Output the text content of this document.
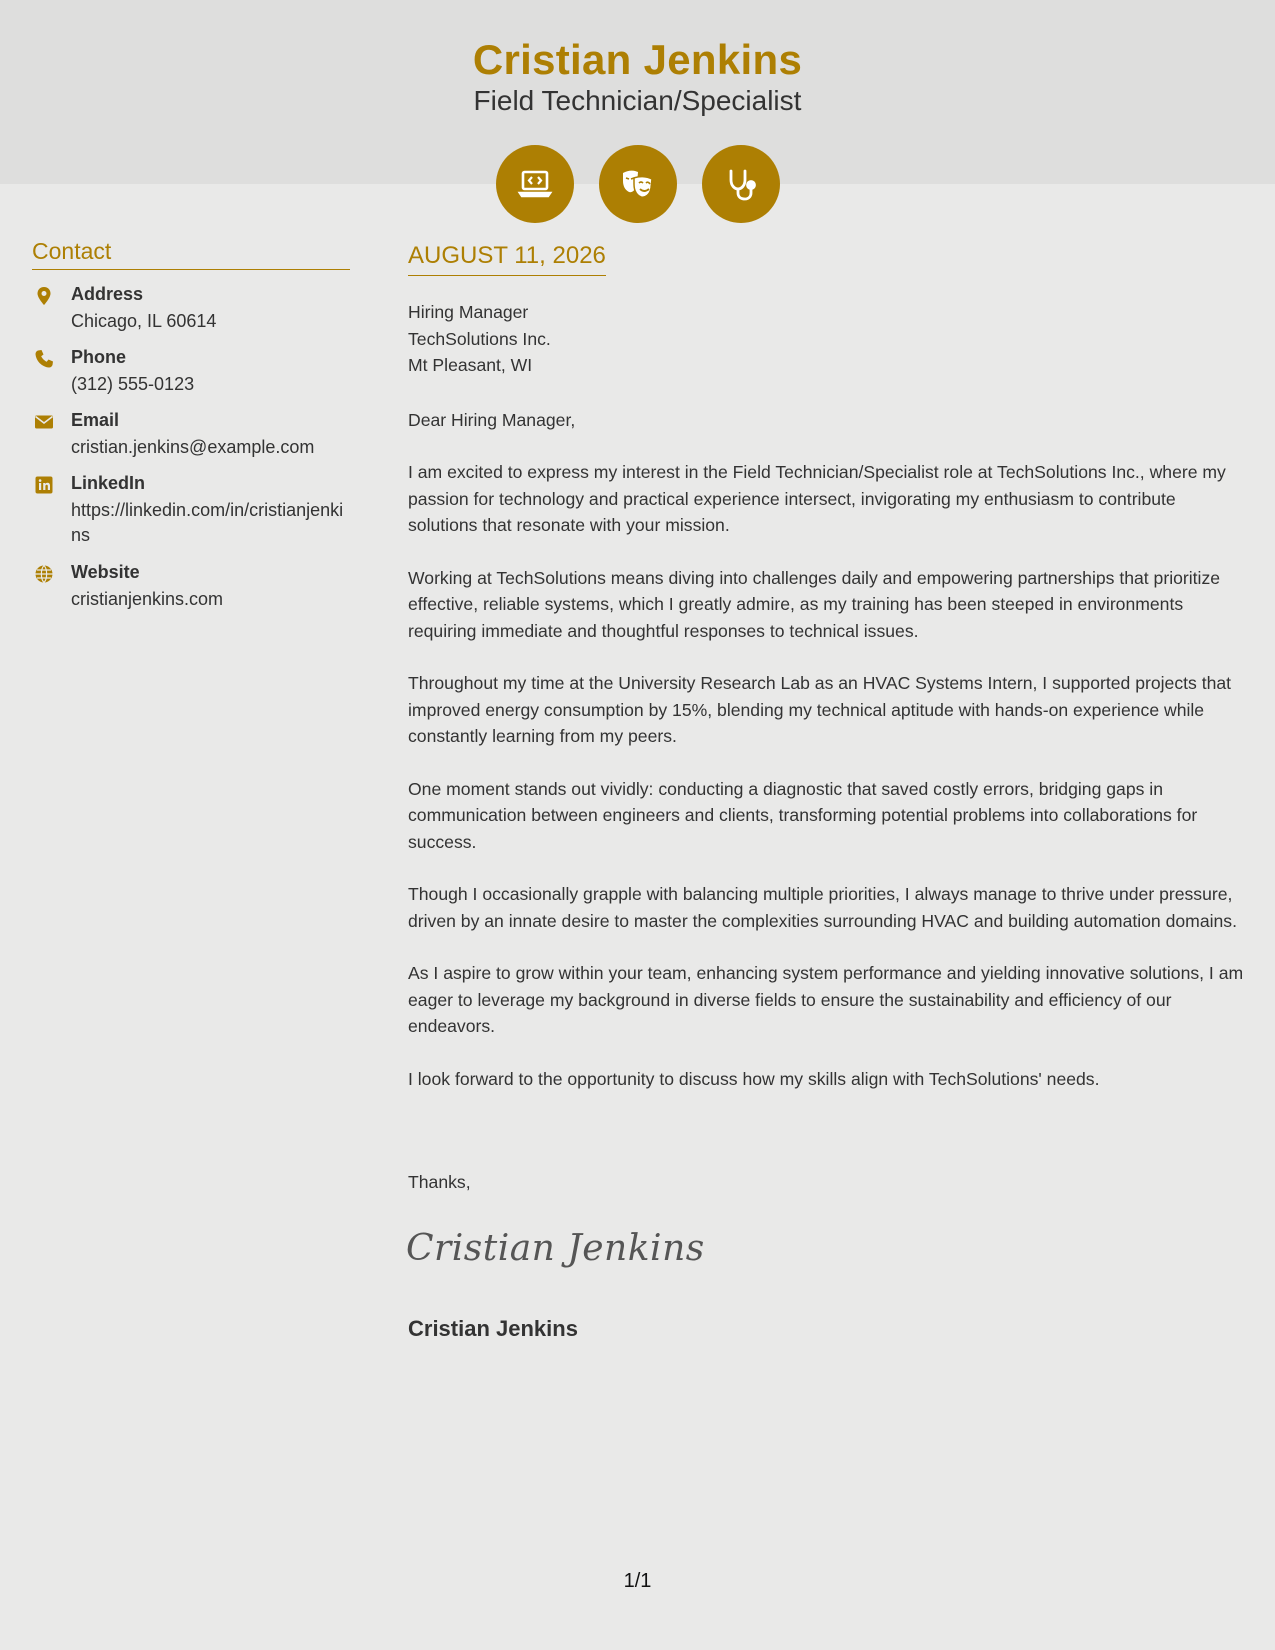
Cristian Jenkins
Field Technician/Specialist
Contact
Address
Chicago, IL 60614
Phone
(312) 555-0123
Email
cristian.jenkins@example.com
LinkedIn
https://linkedin.com/in/cristianjenkins
Website
cristianjenkins.com
AUGUST 11, 2026
Hiring Manager
TechSolutions Inc.
Mt Pleasant, WI

Dear Hiring Manager,

I am excited to express my interest in the Field Technician/Specialist role at TechSolutions Inc., where my passion for technology and practical experience intersect, invigorating my enthusiasm to contribute solutions that resonate with your mission.

Working at TechSolutions means diving into challenges daily and empowering partnerships that prioritize effective, reliable systems, which I greatly admire, as my training has been steeped in environments requiring immediate and thoughtful responses to technical issues.

Throughout my time at the University Research Lab as an HVAC Systems Intern, I supported projects that improved energy consumption by 15%, blending my technical aptitude with hands-on experience while constantly learning from my peers.

One moment stands out vividly: conducting a diagnostic that saved costly errors, bridging gaps in communication between engineers and clients, transforming potential problems into collaborations for success.

Though I occasionally grapple with balancing multiple priorities, I always manage to thrive under pressure, driven by an innate desire to master the complexities surrounding HVAC and building automation domains.

As I aspire to grow within your team, enhancing system performance and yielding innovative solutions, I am eager to leverage my background in diverse fields to ensure the sustainability and efficiency of our endeavors.

I look forward to the opportunity to discuss how my skills align with TechSolutions' needs.

Thanks,
Cristian Jenkins
Cristian Jenkins
1/1
